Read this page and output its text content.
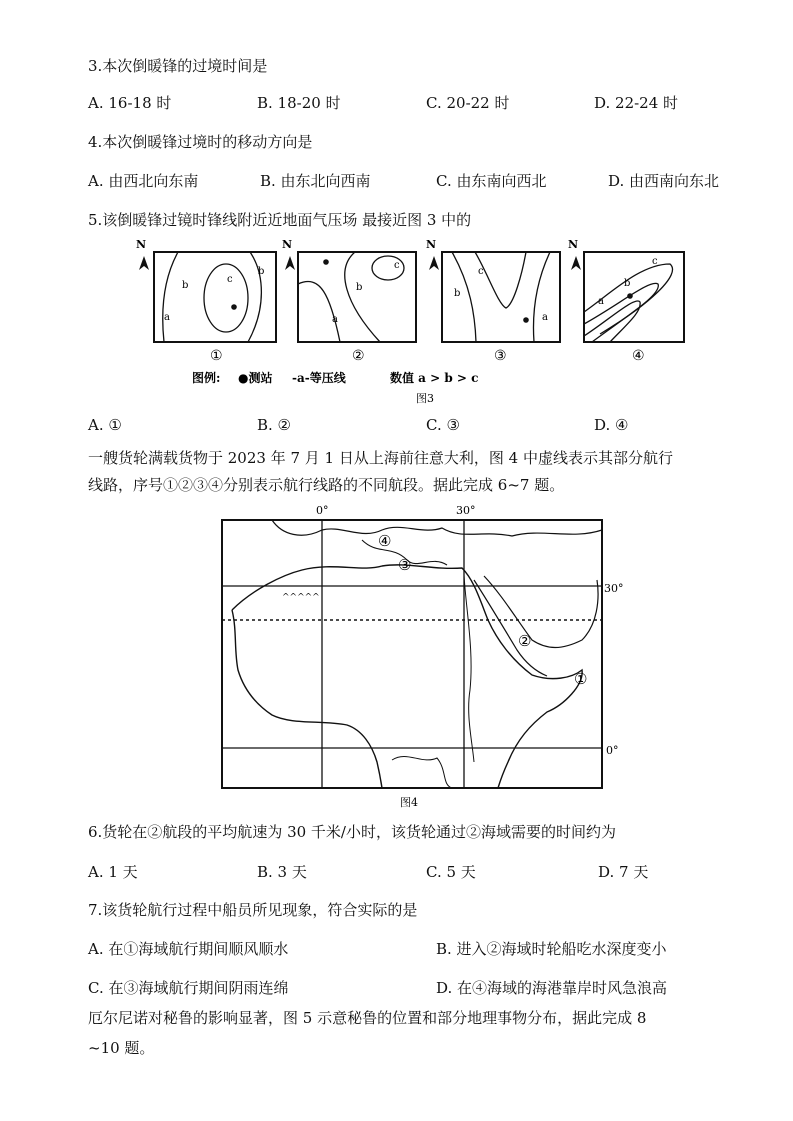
3.本次倒暖锋的过境时间是
A. 16-18 时	B. 18-20 时	C. 20-22 时	D. 22-24 时
4.本次倒暖锋过境时的移动方向是
A. 由西北向东南	B. 由东北向西南	C. 由东南向西北	D. 由西南向东北
5.该倒暖锋过镜时锋线附近近地面气压场 最接近图 3 中的
N
a
b
b
c
①
N
a
b
c
②
N
c
b
a
③
N
a
b
c
④
图例: ●测站 -a-等压线	数值 a > b > c
图3
A. ①	B. ②	C. ③	D. ④
一艘货轮满载货物于 2023 年 7 月 1 日从上海前往意大利，图 4 中虚线表示其部分航行
线路，序号①②③④分别表示航行线路的不同航段。据此完成 6~7 题。
0°	30°
30°
0°
^^^^^
④
③
②
①
图4
6.货轮在②航段的平均航速为 30 千米/小时，该货轮通过②海域需要的时间约为
A. 1 天	B. 3 天	C. 5 天	D. 7 天
7.该货轮航行过程中船员所见现象，符合实际的是
A. 在①海域航行期间顺风顺水	B. 进入②海域时轮船吃水深度变小
C. 在③海域航行期间阴雨连绵	D. 在④海域的海港靠岸时风急浪高
厄尔尼诺对秘鲁的影响显著，图 5 示意秘鲁的位置和部分地理事物分布，据此完成 8
~10 题。
